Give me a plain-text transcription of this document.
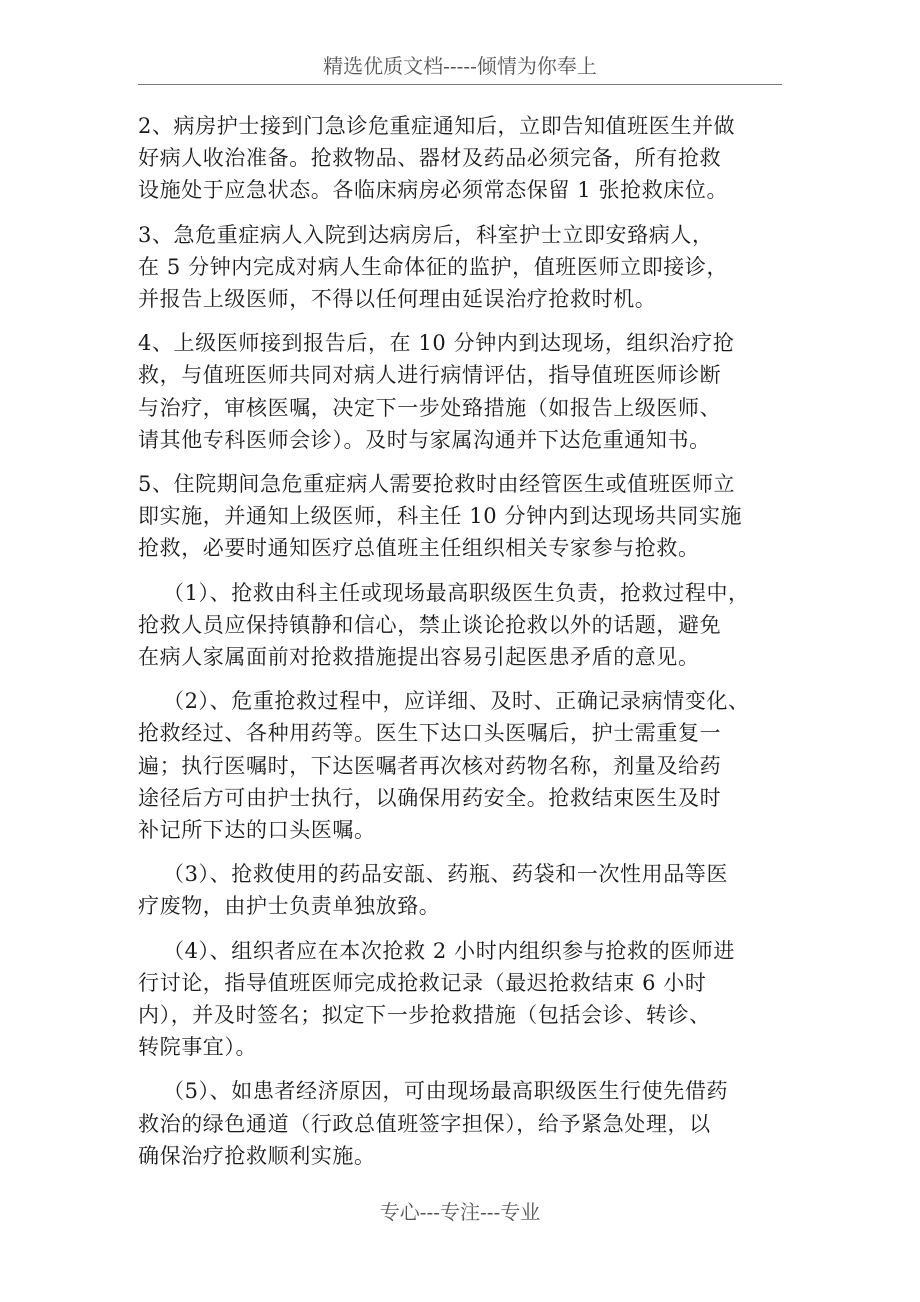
精选优质文档-----倾情为你奉上
2、病房护士接到门急诊危重症通知后，立即告知值班医生并做
好病人收治准备。抢救物品、器材及药品必须完备，所有抢救
设施处于应急状态。各临床病房必须常态保留 1 张抢救床位。
3、急危重症病人入院到达病房后，科室护士立即安臵病人，
在 5 分钟内完成对病人生命体征的监护，值班医师立即接诊，
并报告上级医师，不得以任何理由延误治疗抢救时机。
4、上级医师接到报告后，在 10 分钟内到达现场，组织治疗抢
救，与值班医师共同对病人进行病情评估，指导值班医师诊断
与治疗，审核医嘱，决定下一步处臵措施（如报告上级医师、
请其他专科医师会诊）。及时与家属沟通并下达危重通知书。
5、住院期间急危重症病人需要抢救时由经管医生或值班医师立
即实施，并通知上级医师，科主任 10 分钟内到达现场共同实施
抢救，必要时通知医疗总值班主任组织相关专家参与抢救。
（1）、抢救由科主任或现场最高职级医生负责，抢救过程中，
抢救人员应保持镇静和信心，禁止谈论抢救以外的话题，避免
在病人家属面前对抢救措施提出容易引起医患矛盾的意见。
（2）、危重抢救过程中，应详细、及时、正确记录病情变化、
抢救经过、各种用药等。医生下达口头医嘱后，护士需重复一
遍；执行医嘱时，下达医嘱者再次核对药物名称，剂量及给药
途径后方可由护士执行，以确保用药安全。抢救结束医生及时
补记所下达的口头医嘱。
（3）、抢救使用的药品安瓿、药瓶、药袋和一次性用品等医
疗废物，由护士负责单独放臵。
（4）、组织者应在本次抢救 2 小时内组织参与抢救的医师进
行讨论，指导值班医师完成抢救记录（最迟抢救结束 6 小时
内），并及时签名；拟定下一步抢救措施（包括会诊、转诊、
转院事宜）。
（5）、如患者经济原因，可由现场最高职级医生行使先借药
救治的绿色通道（行政总值班签字担保），给予紧急处理，以
确保治疗抢救顺利实施。
专心---专注---专业
